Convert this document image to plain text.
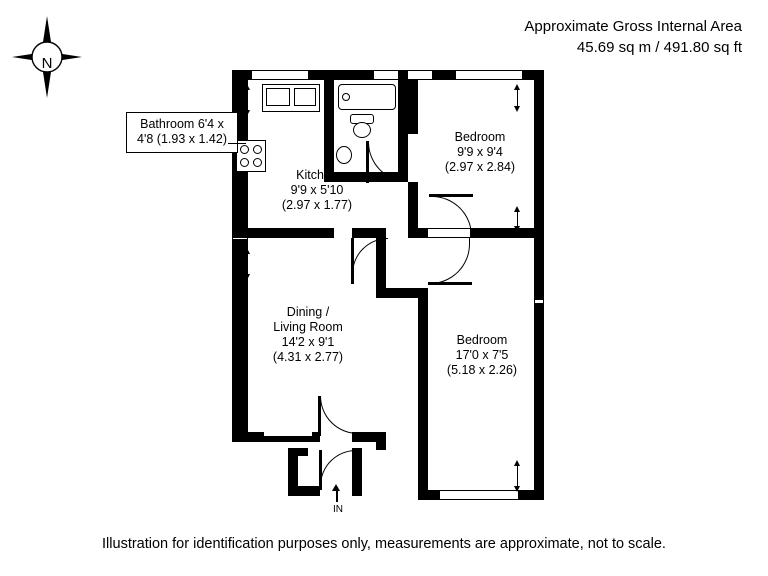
Approximate Gross Internal Area
45.69 sq m / 491.80 sq ft
N
Bathroom 6'4 x 4'8 (1.93 x 1.42)
Kitchen
9'9 x 5'10
(2.97 x 1.77)
Bedroom
9'9 x 9'4
(2.97 x 2.84)
Dining /
Living Room
14'2 x 9'1
(4.31 x 2.77)
Bedroom
17'0 x 7'5
(5.18 x 2.26)
IN
Illustration for identification purposes only, measurements are approximate, not to scale.
